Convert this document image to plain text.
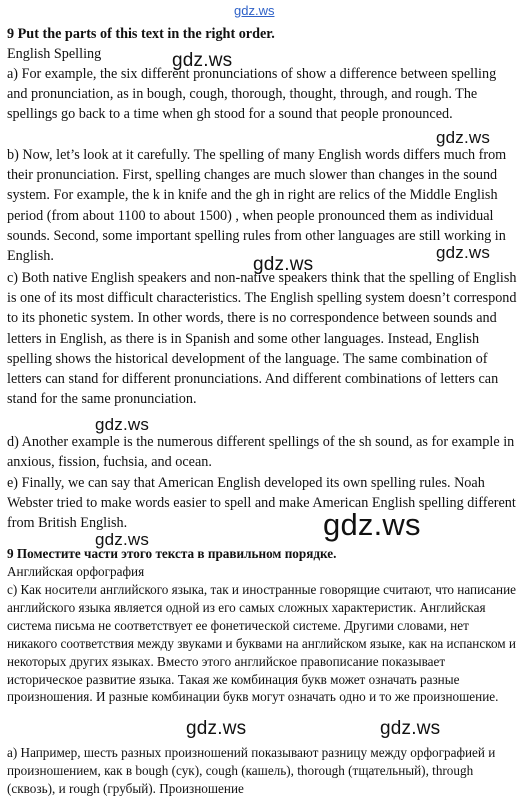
gdz.ws
9 Put the parts of this text in the right order.
English Spelling
a) For example, the six different pronunciations of show a difference between spelling and pronunciation, as in bough, cough, thorough, thought, through, and rough. The spellings go back to a time when gh stood for a sound that people pronounced.
b) Now, let’s look at it carefully. The spelling of many English words differs much from their pronunciation. First, spelling changes are much slower than changes in the sound system. For example, the k in knife and the gh in right are relics of the Middle English period (from about 1100 to about 1500) , when people pronounced them as individual sounds. Second, some important spelling rules from other languages are still working in English.
c) Both native English speakers and non-native speakers think that the spelling of English is one of its most difficult characteristics. The English spelling system doesn’t correspond to its phonetic system. In other words, there is no correspondence between sounds and letters in English, as there is in Spanish and some other languages. Instead, English spelling shows the historical development of the language. The same combination of letters can stand for different pronunciations. And different combinations of letters can stand for the same pronunciation.
d) Another example is the numerous different spellings of the sh sound, as for example in anxious, fission, fuchsia, and ocean.
e) Finally, we can say that American English developed its own spelling rules. Noah Webster tried to make words easier to spell and make American English spelling different from British English.
9 Поместите части этого текста в правильном порядке.
Английская орфография
c) Как носители английского языка, так и иностранные говорящие считают, что написание английского языка является одной из его самых сложных характеристик. Английская система письма не соответствует ее фонетической системе. Другими словами, нет никакого соответствия между звуками и буквами на английском языке, как на испанском и некоторых других языках. Вместо этого английское правописание показывает историческое развитие языка. Такая же комбинация букв может означать разные произношения. И разные комбинации букв могут означать одно и то же произношение.
a) Например, шесть разных произношений показывают разницу между орфографией и произношением, как в bough (сук), cough (кашель), thorough (тщательный), through (сквозь), и rough (грубый). Произношение
gdz.ws
gdz.ws
gdz.ws
gdz.ws
gdz.ws
gdz.ws
gdz.ws
gdz.ws	gdz.ws
